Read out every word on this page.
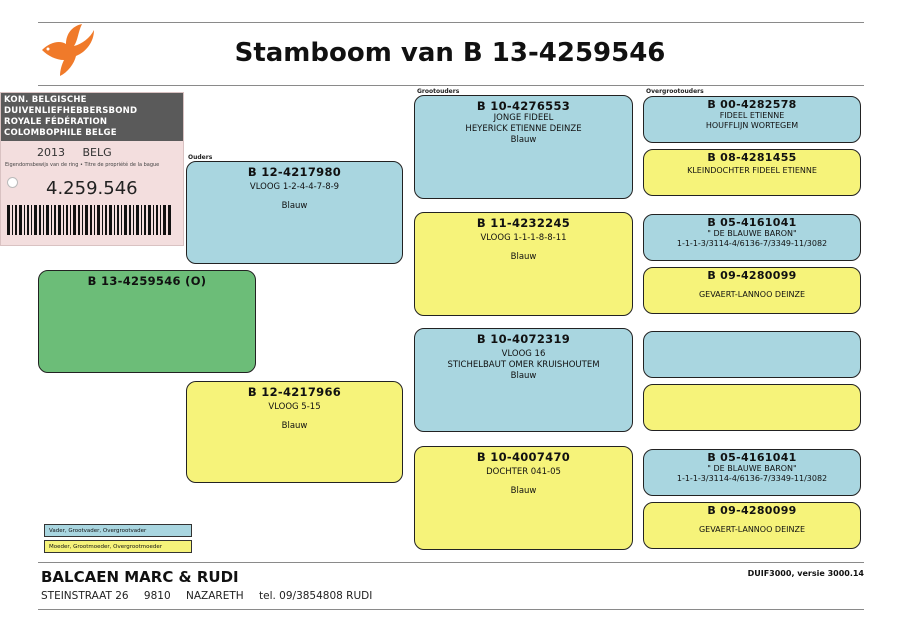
Stamboom van B 13-4259546
Ouders
Grootouders	Overgrootouders
KON. BELGISCHE DUIVENLIEFHEBBERSBOND
ROYALE FÉDÉRATION COLOMBOPHILE BELGE
2013 BELG
Eigendomsbewijs van de ring • Titre de propriété de la bague
4.259.546
B 13-4259546 (O)
B 12-4217980
VLOOG 1-2-4-4-7-8-9
Blauw
B 12-4217966
VLOOG 5-15
Blauw
B 10-4276553
JONGE FIDEEL
HEYERICK ETIENNE DEINZE
Blauw
B 11-4232245
VLOOG 1-1-1-8-8-11
Blauw
B 10-4072319
VLOOG 16
STICHELBAUT OMER KRUISHOUTEM
Blauw
B 10-4007470
DOCHTER 041-05
Blauw
B 00-4282578
FIDEEL ETIENNE
HOUFFLIJN WORTEGEM
B 08-4281455
KLEINDOCHTER FIDEEL ETIENNE
B 05-4161041
" DE BLAUWE BARON"
1-1-1-3/3114-4/6136-7/3349-11/3082
B 09-4280099
GEVAERT-LANNOO DEINZE
B 05-4161041
" DE BLAUWE BARON"
1-1-1-3/3114-4/6136-7/3349-11/3082
B 09-4280099
GEVAERT-LANNOO DEINZE
Vader, Grootvader, Overgrootvader
Moeder, Grootmoeder, Overgrootmoeder
BALCAEN MARC & RUDI
STEINSTRAAT 26 9810 NAZARETH tel. 09/3854808 RUDI
DUIF3000, versie 3000.14
